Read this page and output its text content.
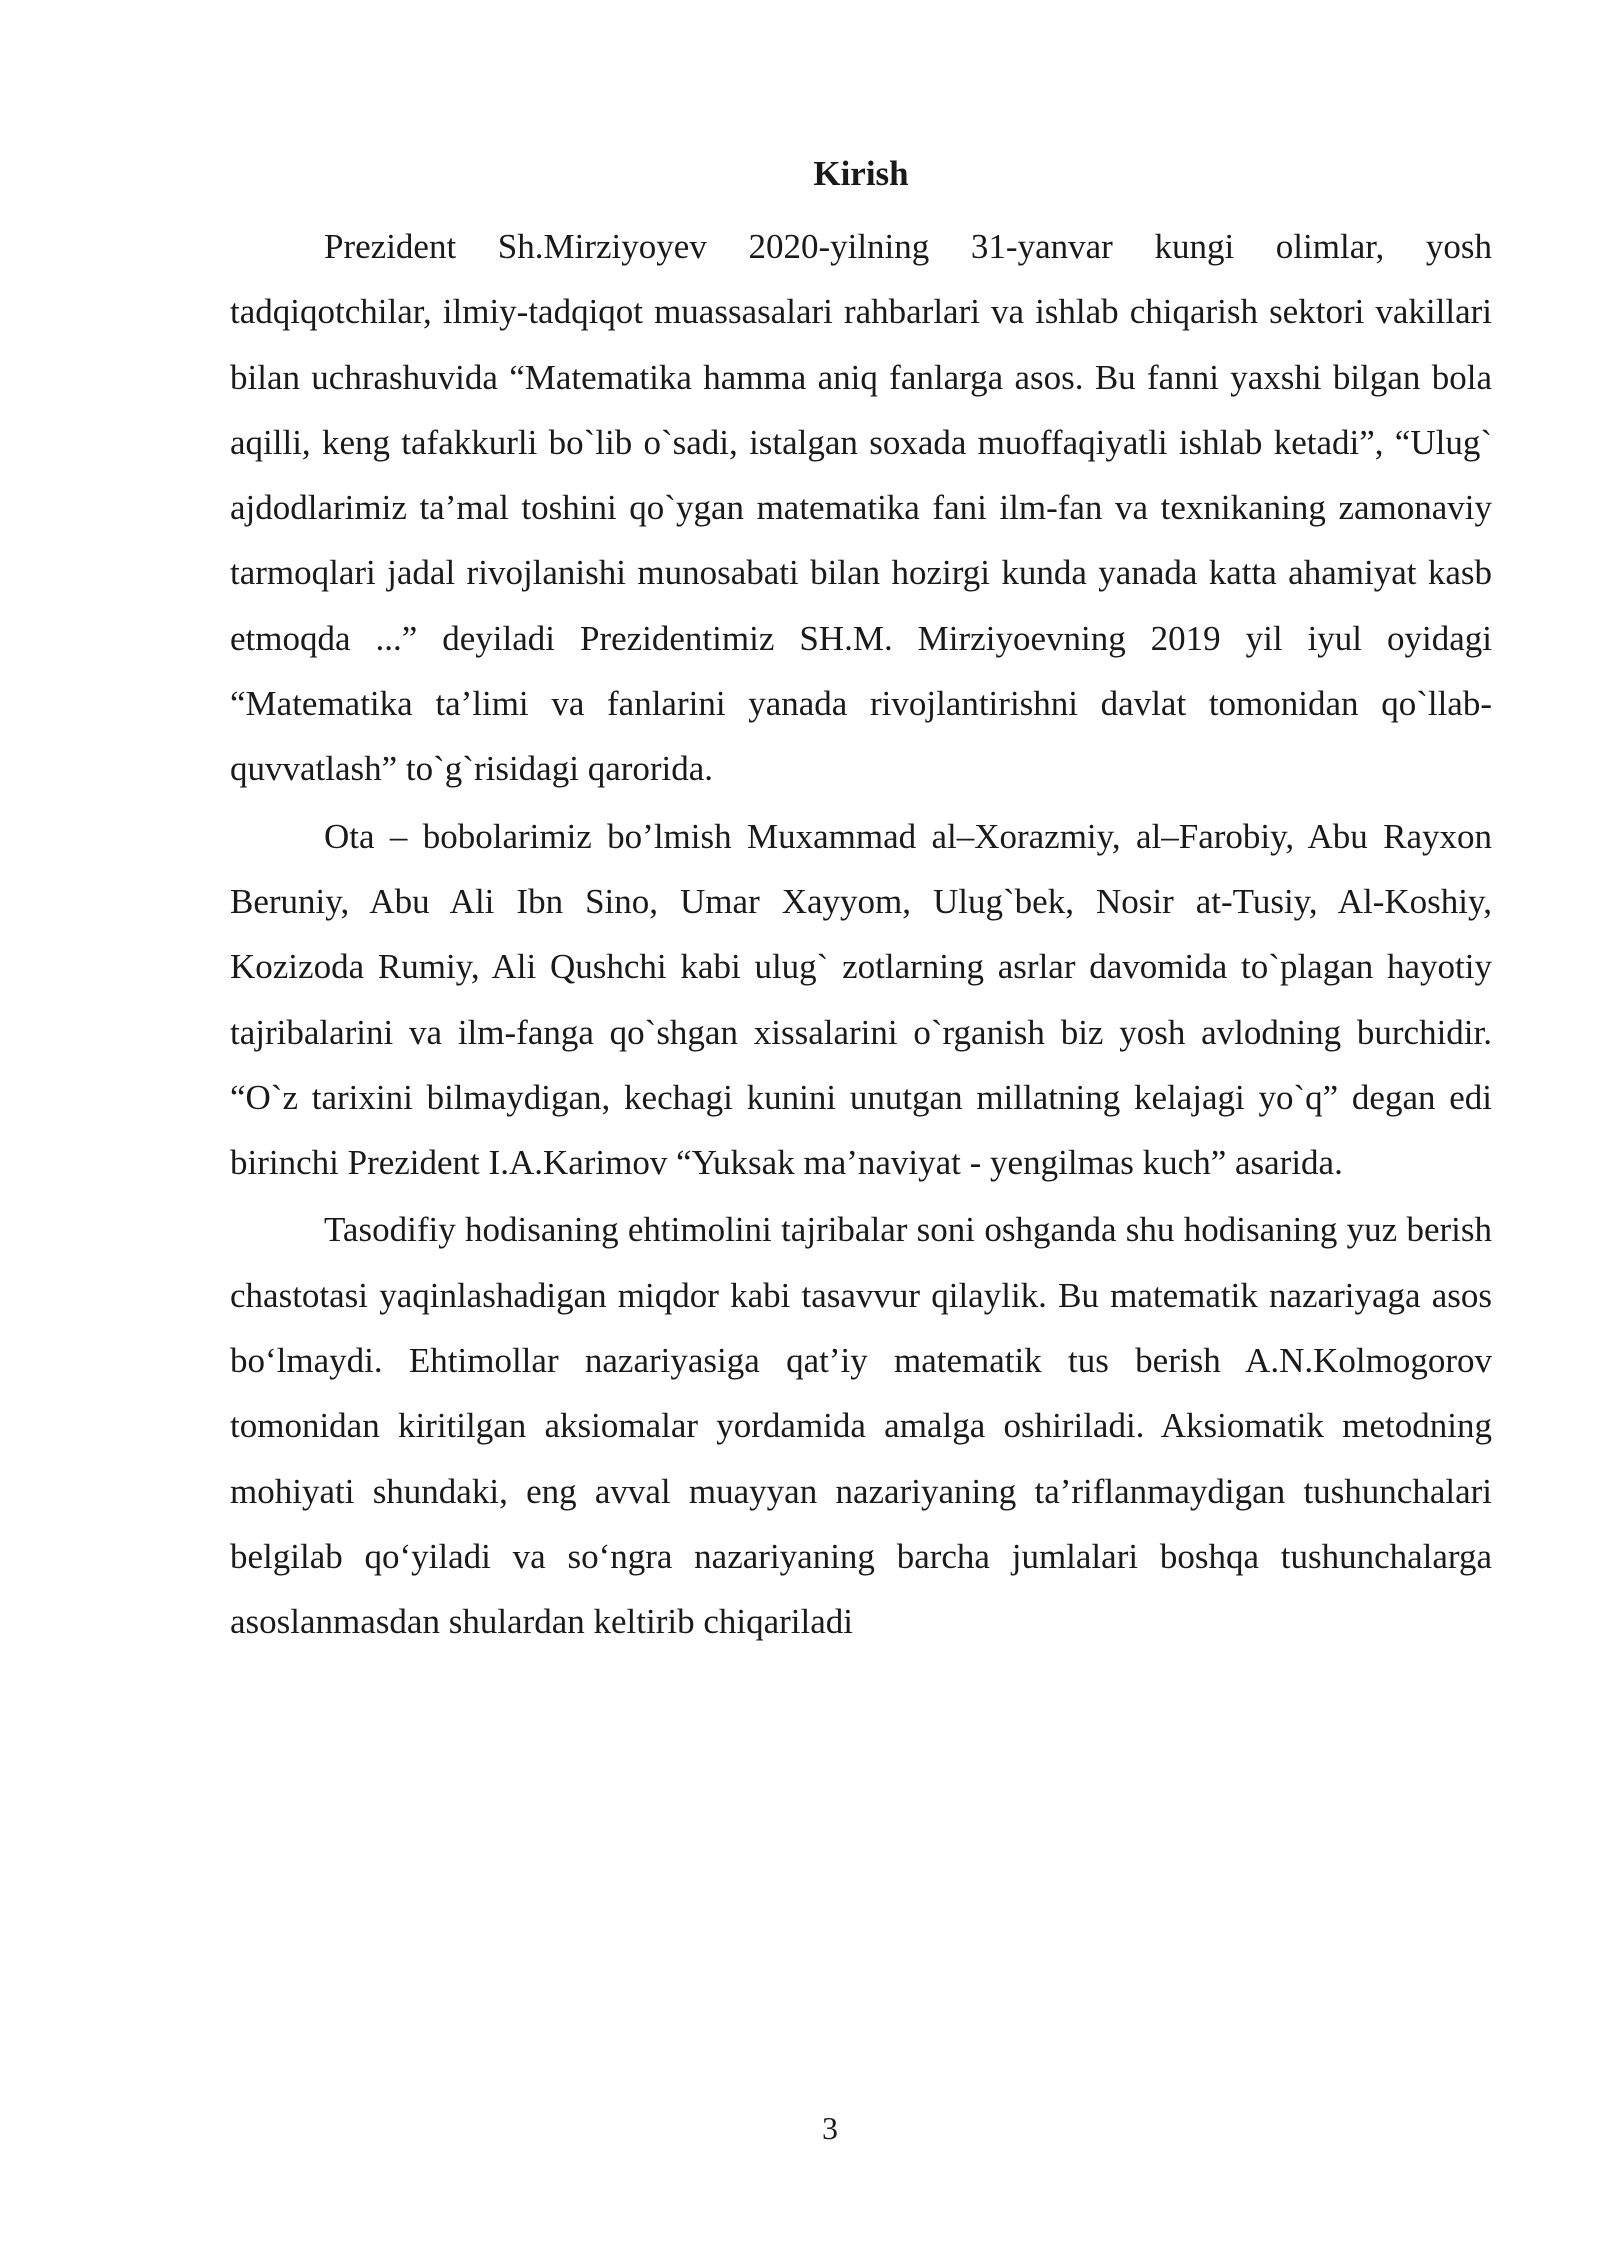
Kirish

Prezident Sh.Mirziyoyev 2020-yilning 31-yanvar kungi olimlar, yosh tadqiqotchilar, ilmiy-tadqiqot muassasalari rahbarlari va ishlab chiqarish sektori vakillari bilan uchrashuvida “Matematika hamma aniq fanlarga asos. Bu fanni yaxshi bilgan bola aqilli, keng tafakkurli bo`lib o`sadi, istalgan soxada muoffaqiyatli ishlab ketadi”, “Ulug` ajdodlarimiz ta’mal toshini qo`ygan matematika fani ilm-fan va texnikaning zamonaviy tarmoqlari jadal rivojlanishi munosabati bilan hozirgi kunda yanada katta ahamiyat kasb etmoqda ...” deyiladi Prezidentimiz SH.M. Mirziyoevning 2019 yil iyul oyidagi “Matematika ta’limi va fanlarini yanada rivojlantirishni davlat tomonidan qo`llab-quvvatlash” to`g`risidagi qarorida.

Ota – bobolarimiz bo’lmish Muxammad al–Xorazmiy, al–Farobiy, Abu Rayxon Beruniy, Abu Ali Ibn Sino, Umar Xayyom, Ulug`bek, Nosir at-Tusiy, Al-Koshiy, Kozizoda Rumiy, Ali Qushchi kabi ulug` zotlarning asrlar davomida to`plagan hayotiy tajribalarini va ilm-fanga qo`shgan xissalarini o`rganish biz yosh avlodning burchidir. “O`z tarixini bilmaydigan, kechagi kunini unutgan millatning kelajagi yo`q” degan edi birinchi Prezident I.A.Karimov “Yuksak ma’naviyat - yengilmas kuch” asarida.

Tasodifiy hodisaning ehtimolini tajribalar soni oshganda shu hodisaning yuz berish chastotasi yaqinlashadigan miqdor kabi tasavvur qilaylik. Bu matematik nazariyaga asos bo‘lmaydi. Ehtimollar nazariyasiga qat’iy matematik tus berish A.N.Kolmogorov tomonidan kiritilgan aksiomalar yordamida amalga oshiriladi. Aksiomatik metodning mohiyati shundaki, eng avval muayyan nazariyaning ta’riflanmaydigan tushunchalari belgilab qo‘yiladi va so‘ngra nazariyaning barcha jumlalari boshqa tushunchalarga asoslanmasdan shulardan keltirib chiqariladi

3
